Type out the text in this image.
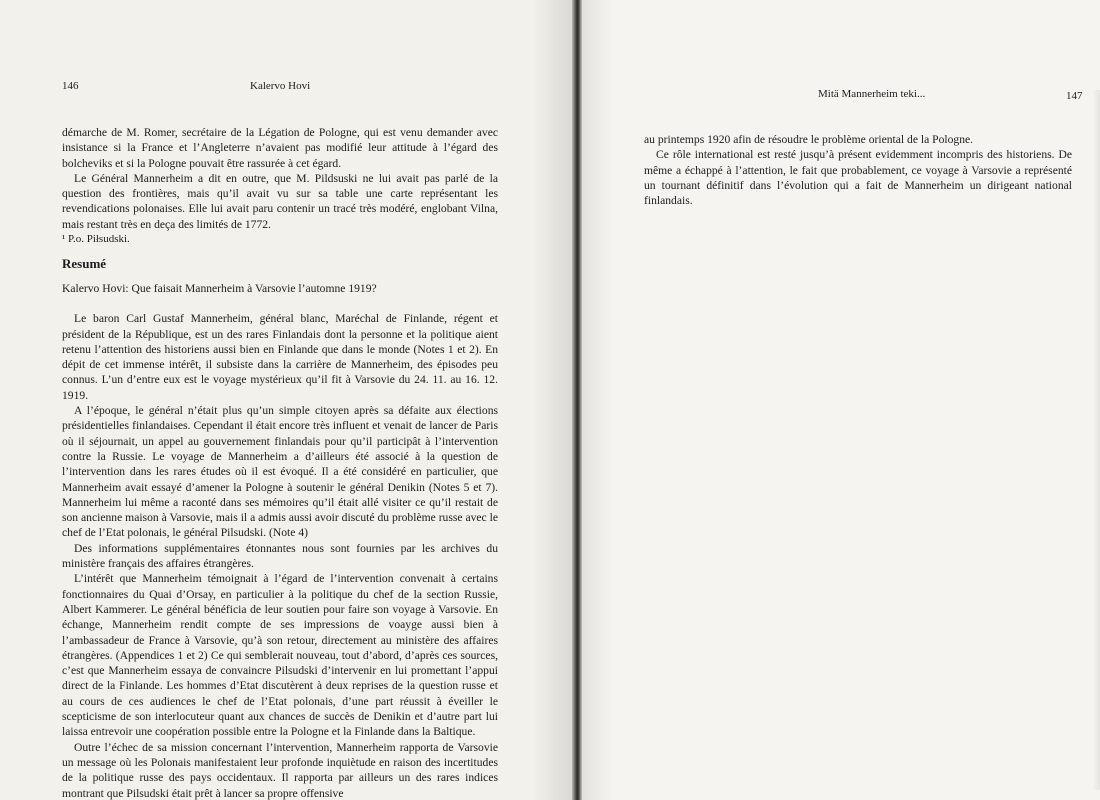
146	Kalervo Hovi

démarche de M. Romer, secrétaire de la Légation de Pologne, qui est venu demander avec insistance si la France et l’Angleterre n’avaient pas modifié leur attitude à l’égard des bolcheviks et si la Pologne pouvait être rassurée à cet égard.

Le Général Mannerheim a dit en outre, que M. Pildsuski ne lui avait pas parlé de la question des frontières, mais qu’il avait vu sur sa table une carte représentant les revendications polonaises. Elle lui avait paru contenir un tracé très modéré, englobant Vilna, mais restant très en deça des limités de 1772.

¹ P.o. Piłsudski.

Resumé

Kalervo Hovi: Que faisait Mannerheim à Varsovie l’automne 1919?

Le baron Carl Gustaf Mannerheim, général blanc, Maréchal de Finlande, régent et président de la République, est un des rares Finlandais dont la personne et la politique aient retenu l’attention des historiens aussi bien en Finlande que dans le monde (Notes 1 et 2). En dépit de cet immense intérêt, il subsiste dans la carrière de Mannerheim, des épisodes peu connus. L’un d’entre eux est le voyage mystérieux qu’il fit à Varsovie du 24. 11. au 16. 12. 1919.

A l’époque, le général n’était plus qu’un simple citoyen après sa défaite aux élections présidentielles finlandaises. Cependant il était encore très influent et venait de lancer de Paris où il séjournait, un appel au gouvernement finlandais pour qu’il participât à l’intervention contre la Russie. Le voyage de Mannerheim a d’ailleurs été associé à la question de l’intervention dans les rares études où il est évoqué. Il a été considéré en particulier, que Mannerheim avait essayé d’amener la Pologne à soutenir le général Denikin (Notes 5 et 7). Mannerheim lui même a raconté dans ses mémoires qu’il était allé visiter ce qu’il restait de son ancienne maison à Varsovie, mais il a admis aussi avoir discuté du problème russe avec le chef de l’Etat polonais, le général Pilsudski. (Note 4)

Des informations supplémentaires étonnantes nous sont fournies par les archives du ministère français des affaires étrangères.

L’intérêt que Mannerheim témoignait à l’égard de l’intervention convenait à certains fonctionnaires du Quai d’Orsay, en particulier à la politique du chef de la section Russie, Albert Kammerer. Le général bénéficia de leur soutien pour faire son voyage à Varsovie. En échange, Mannerheim rendit compte de ses impressions de voayge aussi bien à l’ambassadeur de France à Varsovie, qu’à son retour, directement au ministère des affaires étrangères. (Appendices 1 et 2) Ce qui semblerait nouveau, tout d’abord, d’après ces sources, c’est que Mannerheim essaya de convaincre Pilsudski d’intervenir en lui promettant l’appui direct de la Finlande. Les hommes d’Etat discutèrent à deux reprises de la question russe et au cours de ces audiences le chef de l’Etat polonais, d’une part réussit à éveiller le scepticisme de son interlocuteur quant aux chances de succès de Denikin et d’autre part lui laissa entrevoir une coopération possible entre la Pologne et la Finlande dans la Baltique.

Outre l’échec de sa mission concernant l’intervention, Mannerheim rapporta de Varsovie un message où les Polonais manifestaient leur profonde inquiètude en raison des incertitudes de la politique russe des pays occidentaux. Il rapporta par ailleurs un des rares indices montrant que Pilsudski était prêt à lancer sa propre offensive

Mitä Mannerheim teki...	147

au printemps 1920 afin de résoudre le problème oriental de la Pologne.

Ce rôle international est resté jusqu’à présent evidemment incompris des historiens. De même a échappé à l’attention, le fait que probablement, ce voyage à Varsovie a représenté un tournant définitif dans l’évolution qui a fait de Mannerheim un dirigeant national finlandais.
